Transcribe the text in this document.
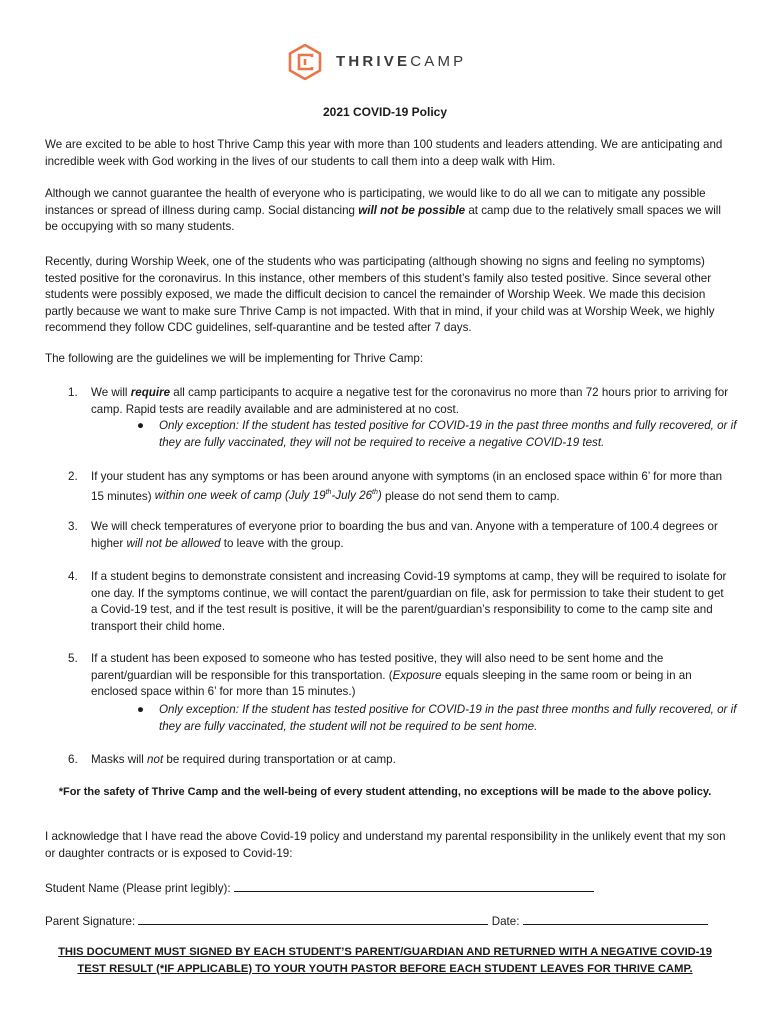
THRIVECAMP
2021 COVID-19 Policy

We are excited to be able to host Thrive Camp this year with more than 100 students and leaders attending. We are anticipating and incredible week with God working in the lives of our students to call them into a deep walk with Him.

Although we cannot guarantee the health of everyone who is participating, we would like to do all we can to mitigate any possible instances or spread of illness during camp. Social distancing will not be possible at camp due to the relatively small spaces we will be occupying with so many students.

Recently, during Worship Week, one of the students who was participating (although showing no signs and feeling no symptoms) tested positive for the coronavirus. In this instance, other members of this student’s family also tested positive. Since several other students were possibly exposed, we made the difficult decision to cancel the remainder of Worship Week. We made this decision partly because we want to make sure Thrive Camp is not impacted. With that in mind, if your child was at Worship Week, we highly recommend they follow CDC guidelines, self-quarantine and be tested after 7 days.

The following are the guidelines we will be implementing for Thrive Camp:

1. We will require all camp participants to acquire a negative test for the coronavirus no more than 72 hours prior to arriving for camp. Rapid tests are readily available and are administered at no cost.
● Only exception: If the student has tested positive for COVID-19 in the past three months and fully recovered, or if they are fully vaccinated, they will not be required to receive a negative COVID-19 test.
2. If your student has any symptoms or has been around anyone with symptoms (in an enclosed space within 6’ for more than 15 minutes) within one week of camp (July 19th-July 26th) please do not send them to camp.
3. We will check temperatures of everyone prior to boarding the bus and van. Anyone with a temperature of 100.4 degrees or higher will not be allowed to leave with the group.
4. If a student begins to demonstrate consistent and increasing Covid-19 symptoms at camp, they will be required to isolate for one day. If the symptoms continue, we will contact the parent/guardian on file, ask for permission to take their student to get a Covid-19 test, and if the test result is positive, it will be the parent/guardian’s responsibility to come to the camp site and transport their child home.
5. If a student has been exposed to someone who has tested positive, they will also need to be sent home and the parent/guardian will be responsible for this transportation. (Exposure equals sleeping in the same room or being in an enclosed space within 6’ for more than 15 minutes.)
● Only exception: If the student has tested positive for COVID-19 in the past three months and fully recovered, or if they are fully vaccinated, the student will not be required to be sent home.
6. Masks will not be required during transportation or at camp.
*For the safety of Thrive Camp and the well-being of every student attending, no exceptions will be made to the above policy.

I acknowledge that I have read the above Covid-19 policy and understand my parental responsibility in the unlikely event that my son or daughter contracts or is exposed to Covid-19:

Student Name (Please print legibly):
Parent Signature:	Date:
THIS DOCUMENT MUST SIGNED BY EACH STUDENT’S PARENT/GUARDIAN AND RETURNED WITH A NEGATIVE COVID-19 TEST RESULT (*IF APPLICABLE) TO YOUR YOUTH PASTOR BEFORE EACH STUDENT LEAVES FOR THRIVE CAMP.
